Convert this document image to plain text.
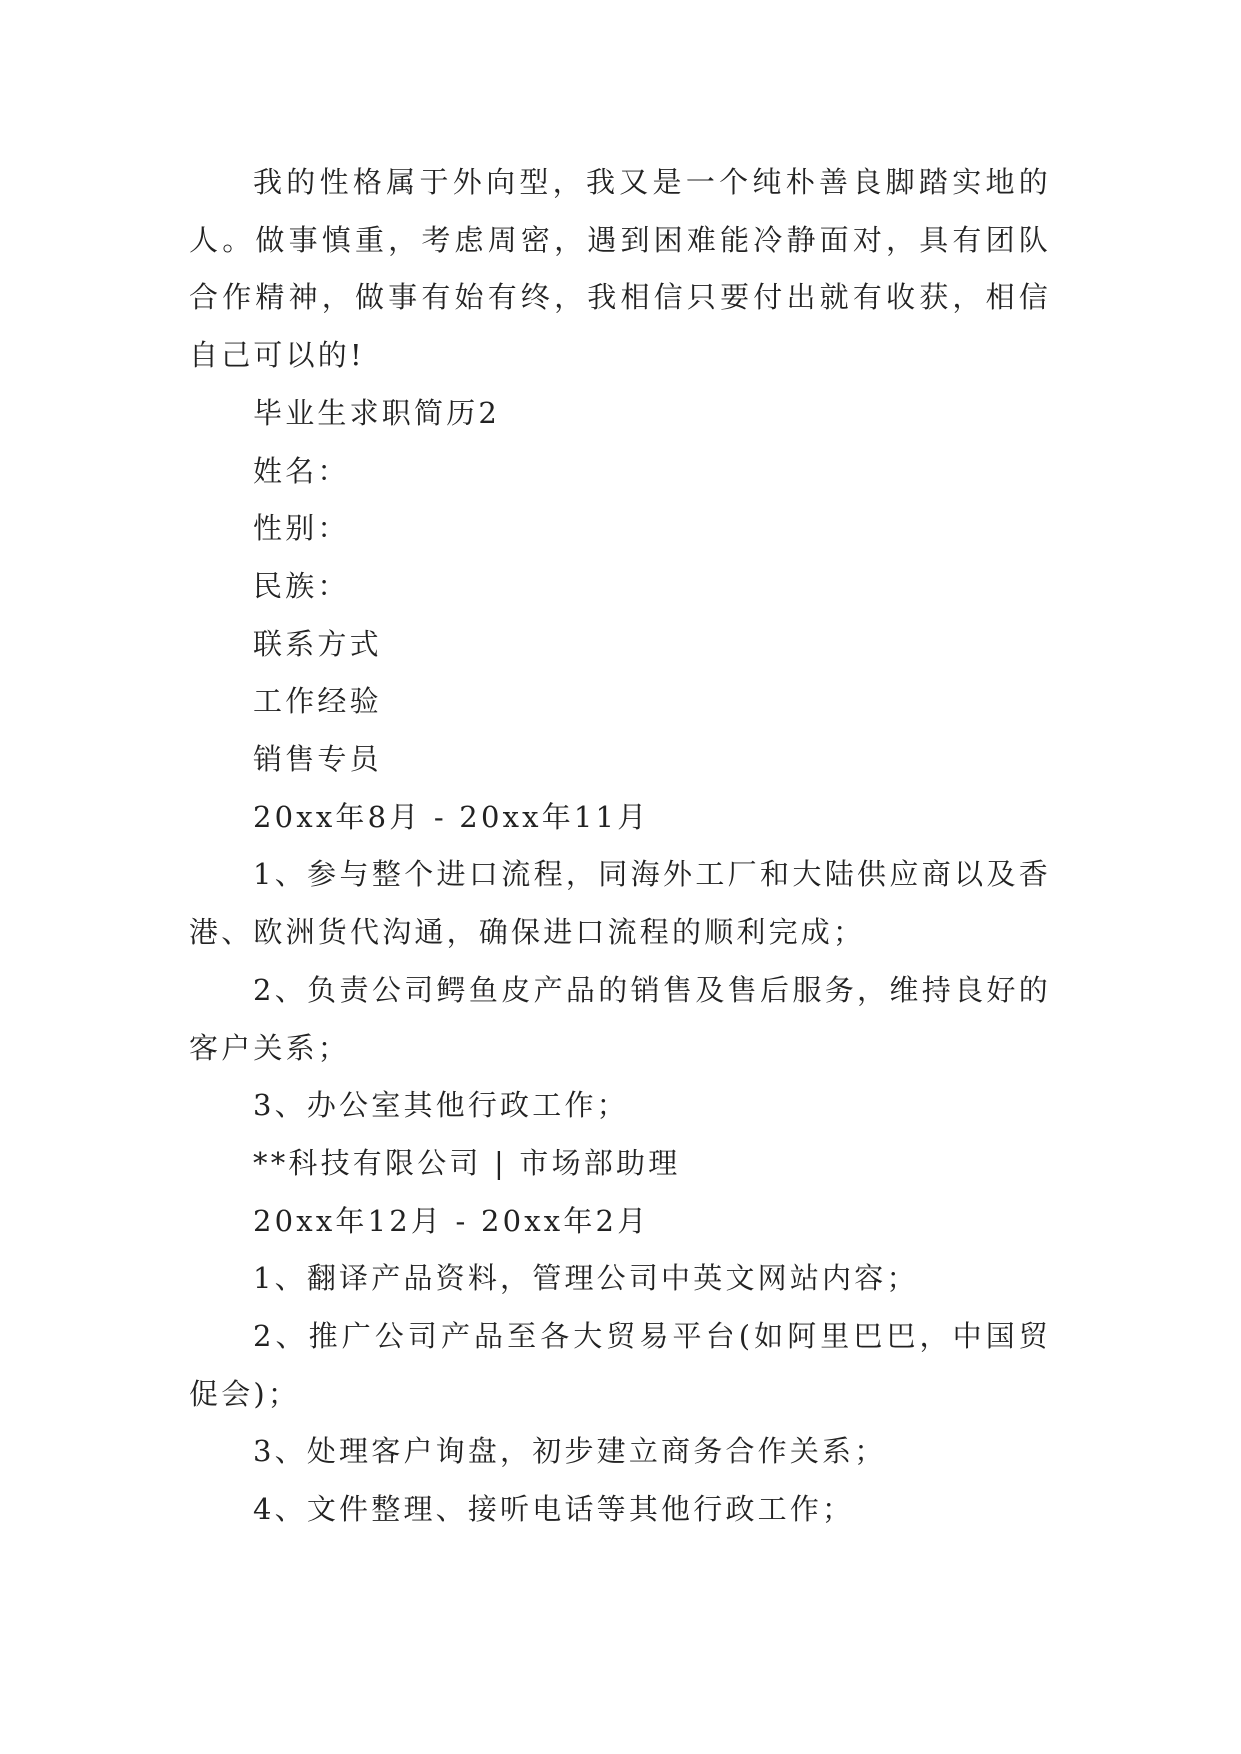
我的性格属于外向型，我又是一个纯朴善良脚踏实地的人。做事慎重，考虑周密，遇到困难能冷静面对，具有团队合作精神，做事有始有终，我相信只要付出就有收获，相信自己可以的!

毕业生求职简历2

姓名：

性别：

民族：

联系方式

工作经验

销售专员

20xx年8月 - 20xx年11月

1、参与整个进口流程，同海外工厂和大陆供应商以及香港、欧洲货代沟通，确保进口流程的顺利完成；

2、负责公司鳄鱼皮产品的销售及售后服务，维持良好的客户关系；

3、办公室其他行政工作；

**科技有限公司 | 市场部助理

20xx年12月 - 20xx年2月

1、翻译产品资料，管理公司中英文网站内容；

2、推广公司产品至各大贸易平台(如阿里巴巴，中国贸促会)；

3、处理客户询盘，初步建立商务合作关系；

4、文件整理、接听电话等其他行政工作；
